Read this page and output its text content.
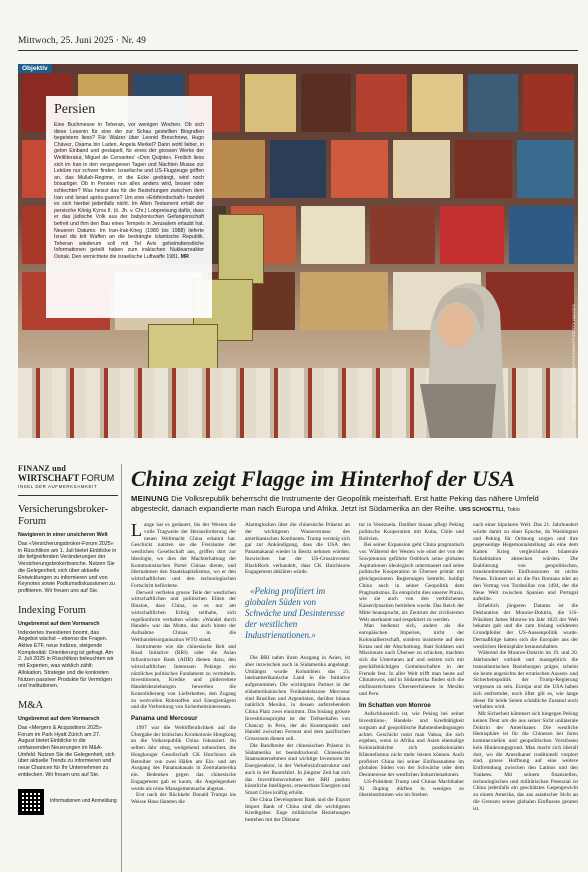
Mittwoch, 25. Juni 2025 · Nr. 49
FOTO: MEHDI BOLOURIAN/TASNIM/AFP/GETTY IMAGES
Objektiv
Persien

Eine Buchmesse in Teheran, vor wenigen Wochen. Ob sich diese Lesenin für eine der zur Schau gestellten Biografien begeistern liess? Für Walzer über Leonid Breschnew, Hugo Chávez, Osama bin Laden, Angela Merkel? Dann wohl lieber, in gebm Einband und gestapelt, für eines der grossen Werke der Weltliteratur, Miguel de Cervantes' «Don Quijote». Freilich liess sich im Iran in den vergangenen Tagen und Nächten Musse zur Lektüre nur schwer finden: Israelische und US-Flugzeuge griffen an, das Mullah-Regime, in die Ecke gedrängt, wird noch bösartiger. Ob in Persien nun alles anders wird, besser oder schlechter? Was heisst das für die Beziehungen zwischen dem Iran und Israel après-guerre? Um eine «Erbfeindschaft» handelt es sich hierbei jedenfalls nicht. Im Alten Testament erhält der persische König Kyros II. (ö. Jh. v. Chr.) Lobpreisung dafür, dass er das jüdische Volk aus der babylonischen Gefangenschaft befreit und ihm den Bau eines Tempels in Jerusalem erlaubt hat. Neueren Datums: Im Iran-Irak-Krieg (1980 bis 1988) lieferte Israel dis krit Waffen an die bedrängte Islamische Republik. Teheran wiederum soll mit Tel Aviv geheimdienstliche Informationen geteilt haben zum irakischen Nuklearreaktor Osirak. Den vernichtete die israelische Luftwaffe 1981. MR

FINANZ und
WIRTSCHAFT FORUM
INSEL DER AUFMERKSAMKEIT
Versicherungsbroker-Forum
Navigieren in einer unsicheren Welt

Das «Versicherungsbroker-Forum 2025» in Rüschlikon am 1. Juli bietet Einblicke in die tiefgreifenden Veränderungen der Versicherungsbrokerbranche. Nutzen Sie die Gelegenheit, sich über aktuelle Entwicklungen zu informieren und von Keynotes sowie Podiumsdiskussionen zu profitieren. Wir freuen uns auf Sie.

Indexing Forum
Ungebremst auf dem Vormarsch

Indexiertes Investieren boomt, das Angebot wächst – ebenso die Fragen. Aktive ETF, neue Indizes, steigende Komplexität: Orientierung ist gefragt. Am 2. Juli 2025 in Rüschlikon beleuchten wir mit Experten, was wirklich zählt: Allokation, Strategie und die konkreten Nutzen passiver Produkte für Vermögen und Institutionen.

M&A
Ungebremst auf dem Vormarsch

Das «Mergers & Acquisitions 2025» Forum im Park Hyatt Zürich am 27. August bietet Einblicke in die umfassenden Neuerungen im M&A-Umfeld. Nutzen Sie die Gelegenheit, sich über aktuelle Trends zu informieren und neue Chancen für Ihr Unternehmen zu entdecken. Wir freuen uns auf Sie.

Informationen und Anmeldung
China zeigt Flagge im Hinterhof der USA
MEINUNG Die Volksrepublik beherrscht die Instrumente der Geopolitik meisterhaft. Erst hatte Peking das nähere Umfeld abgesteckt, danach expandierte man nach Europa und Afrika. Jetzt ist Südamerika an der Reihe. URS SCHOETTLI, Tokio

Lange hat es gedauert, bis der Westen die volle Tragweite der Herausforderung der neuen Weltmacht China erkannt hat. Geschickt nutzten sie die Freiräume der westlichen Gesellschaft aus, griffen dort zur Ideologie, wo dies der Machterhaltung der Kommunistischen Partei Chinas diente, und übernahmen den Staatskapitalismus, wo er den wirtschaftlichen und den technologischen Fortschritt beförderte.

Derweil verfielen grosse Teile der westlichen wirtschaftlichen und politischen Eliten der Illusion, dass China, so es nur am wirtschaftlichen Erfolg teilhabe, sich regelkonform verhalten würde. «Wandel durch Handel» war das Motto, das auch hinter der Aufnahme Chinas in die Welthandelsorganisation WTO stand.

Instrumente wie die chinesische Belt and Road Initiative (BRI) oder die Asian Infrastructure Bank (AIIB) dienen dazu, den wirtschaftlichen Interessen Pekings ein nützliches politisches Fundament zu vermitteln. Investitionen, Kredite und pilderreitete Handelsbeziehungen bewerben die Konsolidierung von Lieferketten, den Zugang zu wertvollen Rohstoffen und Energieträgern und die Verbreitung von Sicherheitsinteressen.

Panama und Mercosur

1997 war die Weltöffentlichkeit auf die Übergabe der britischen Kronkolonie Hongkong an die Volksrepublik China fokussiert. Im selben Jahr stieg, weitgehend unbeachtet, die Hongkonger Gesellschaft CK Hutchison als Betreiber von zwei Häfen am Ein- und am Ausgang des Panamakanals in Zentralamerika ein. Bedenken gegen das chinesische Engagement gab es kaum, die Angelegenheit wurde als reine Managementsache abgetan.

Erst nach der Rückkehr Donald Trumps ins Weisse Haus läuteten die

Alarmglocken über die chinesische Präsenz an der wichtigsten Wasserstrasse des amerikanischen Kontinents. Trump versteig sich gar zur Ankündigung, dass die USA den Panamakanal wieder in Besitz nehmen würden. Inzwischen hat der US-Grossinvestor BlackRock verhandelt, dass CK Hutchisons Engagement abklären würde.

«Peking profitiert im globalen Süden von Schwäche und Desinteresse der westlichen Industrienationen.»

Die BRI nahm ihren Ausgang in Asien, ist aber inzwischen auch in Südamerika angelangt. Umlängst wurde Kolumbien das 23. lateinamerikanische Land in die Initiative aufgenommen. Die wichtigsten Partner in der südamerikanischen Freihandelszone Mercosur sind Brasilien und Argentinien, darüber hinaus natürlich Mexiko, in dessen aufstrebendem China Platz zwei einnimmt. Das bislang grösste Investitionsprojekt ist der Tiefseehafen von Chancay in Peru, der als Knotenpunkt und Handel zwischen Fernost und dem pazifischen Grossraum dienen soll.

Die Bandbreite der chinesischen Präsenz in Südamerika ist beeindruckend. Chinesische Staatsunternehmen sind wichtige Investoren im Energiesektor, in der Verkehrsinfrastruktur und auch in der Raumfahrt. In jüngster Zeit hat sich das Investitionsvolumen der BRI punkto künstliche Intelligenz, erneuerbare Energien und Smart Cities kräftig erhöht.

Die China Development Bank und die Export Import Bank of China sind die wichtigsten Kreditgeber. Enge militärische Beziehungen bestehen mit der Diktatur

tur in Venezuela. Darüber hinaus pflegt Peking politische Kooperation mit Kuba, Chile und Bolivien.

Bei seiner Expansion geht China pragmatisch vor. Während der Westen wie einst der von der Sowjetunion geführte Ostblock seine globalen Aspirationen ideologisch untermauert und seine politische Kooperation in Übersee primär mit gleichgesinnten Regierungen betreibt, huldigt China auch in seiner Geopolitik dem Pragmatismus. Es entspricht dies unserer Praxis, wie sie auch von den verblichenen Kaiserdynastien betrieben wurde. Das Reich der Mitte beansprucht, als Zentrum der zivilisierten Welt anerkannt und respektiert zu werden.

Man bedienst sich, anders als die europäischen Imperien, nicht der Kolonialherrschaft, sondern insistierte auf dem Kotau und der Abschottung. Statt Soldaten und Missionare nach Übersee zu schicken, machten sich die Untertanen auf und setzten sich mit geschäftstüchtigen Gemeinschaften in der Fremde fest. In aller Welt trifft man heute auf Chinatowns, und in Südamerika finden sich die einflussreichsten Überseechinesen in Mexiko und Peru.

Im Schatten von Monroe

Aufschlussreich ist, wie Peking bei seiner Investitions-, Handels- und Kreditätigkeit sorgsam auf geopolitische Rahmenbedingungen achtet. Geschickt nutzt man Vakua, die sich ergeben, wenn in Afrika und Asien ehemalige Kolonialmächte sich postkolonialen Klientelismus nicht mehr leisten können. Auch profitiert China bei seiner Einflussnahme im globalen Süden von der Schwäche oder dem Desinteresse der westlichen Industrienationen.

US-Präsident Trump und Chinas Machthaber Xi Jinping dürften in wenigen so übereinstimmen wie im Streben

nach einer bipolaren Welt. Das 21. Jahrhundert würde damit zu einer Epoche, da Washington und Peking für Ordnung sorgen und ihre gegenseitige Hegemonialstellung als eine dem Kalten Krieg vergleichbare bilaterale Kohabitation abstecken würden. Die Etablierung von geopolitischen, transkontinentalen Einflusszonen ist nichts Neues. Erinnert sei an die Pax Romana oder an den Vertrag von Tordesillas von 1494, der die Neue Welt zwischen Spanien und Portugal aufteilte.

Erheblich jüngeren Datums ist die Deklaration der Monroe-Doktrin, die US-Präsident James Monroe im Jahr 1823 der Welt bekannt gab und die zum bislang solidesten Grundpfeiler der US-Aussenpolitik wurde. Dermaßfolge hatten sich die Europäer aus der westlichen Hemisphäre herauszuhalten.

Während die Monroe-Doktrin im 19. und 20. Jahrhundert vorhielt und massgeblich die transatlantischen Beziehungen prägte, scheint sie heute angesichts der erratischen Aussen- und Sicherheitspolitik der Trump-Regierung vergessen zu sein. Europa und die USA haben sich entfremdet, noch öfter gilt es, wie lange dieser für beide Seiten schädliche Zustand noch verhalten wird.

Mit Sicherheit kümmert sich hingegen Peking keinen Deut um die aus seiner Sicht unilaterale Doktrin der Amerikaner. Die westliche Hemisphäre ist für die Chinesen bei ihren kommerziellen und geopolitischen Vorstössen kein Hinderungsgrund. Man macht sich überall dort, wo die Amerikaner traditionell vorplert sind, grosse Hoffnung auf eine weitere Entfremdung zwischen den Latinos und den Yankees. Mit seinem finanziellen, technologischen und militärischen Potenzial ist China jedenfalls ein geschätztes Gegengewicht zu einem Amerika, das aus asiatischer Sicht an die Grenzen seines globalen Einflusses geraten ist.
